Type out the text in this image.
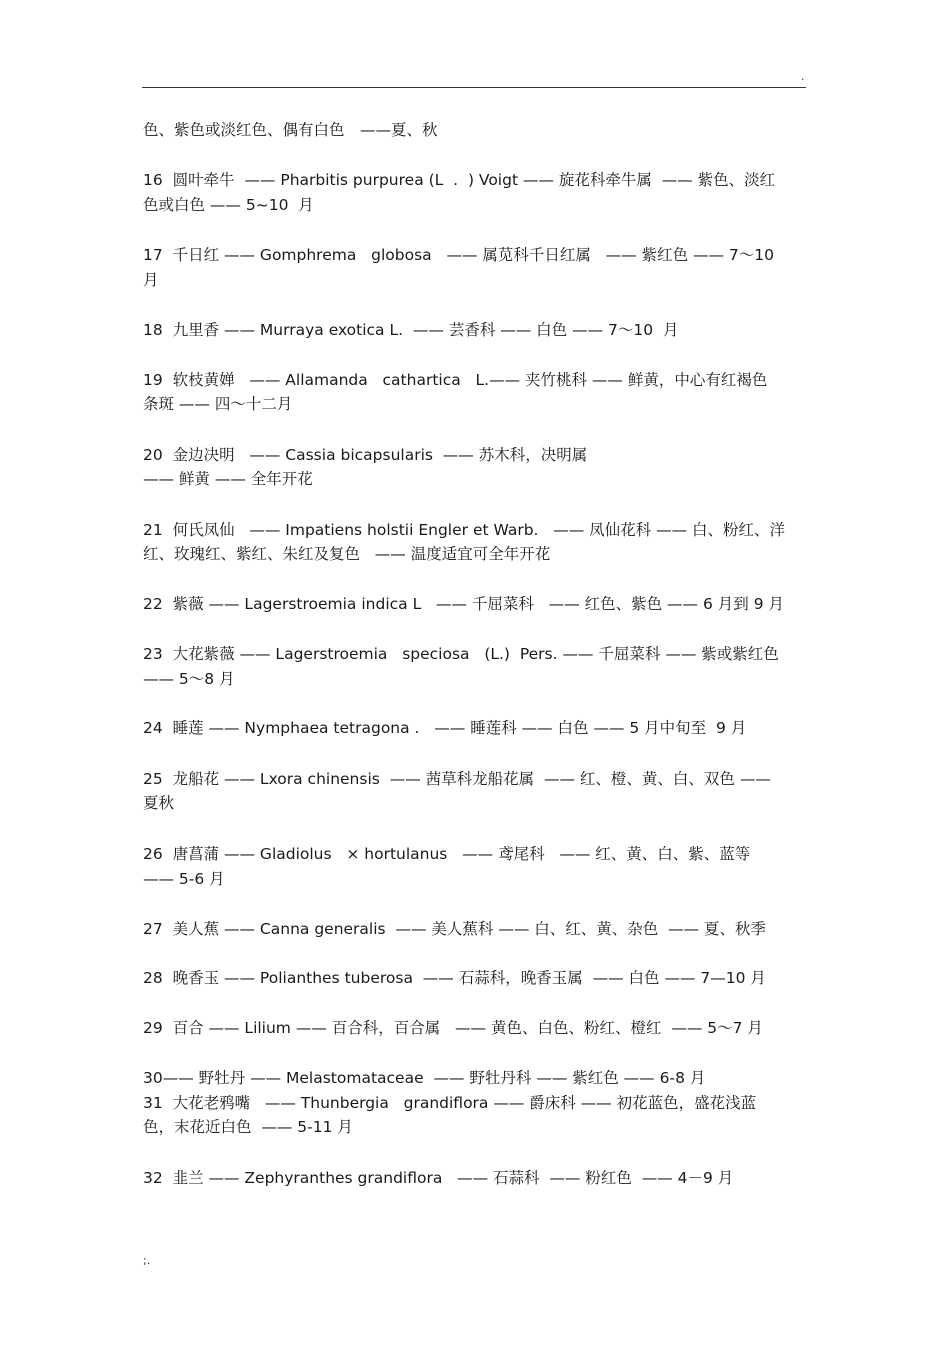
.
色、紫色或淡红色、偶有白色　——夏、秋
16  圆叶牵牛  —— Pharbitis purpurea (L  .  ) Voigt —— 旋花科牵牛属  —— 紫色、淡红
色或白色 —— 5~10  月
17  千日红 —— Gomphrema   globosa   —— 属苋科千日红属   —— 紫红色 —— 7～10
月
18  九里香 —— Murraya exotica L.  —— 芸香科 —— 白色 —— 7～10  月
19  软枝黄婵   —— Allamanda   cathartica   L.—— 夹竹桃科 —— 鲜黄，中心有红褐色
条斑 —— 四～十二月
20  金边决明   —— Cassia bicapsularis  —— 苏木科，决明属
—— 鲜黄 —— 全年开花
21  何氏凤仙   —— Impatiens holstii Engler et Warb.   —— 凤仙花科 —— 白、粉红、洋
红、玫瑰红、紫红、朱红及复色   —— 温度适宜可全年开花
22  紫薇 —— Lagerstroemia indica L   —— 千屈菜科   —— 红色、紫色 —— 6 月到 9 月
23  大花紫薇 —— Lagerstroemia   speciosa   (L.)  Pers. —— 千屈菜科 —— 紫或紫红色
—— 5～8 月
24  睡莲 —— Nymphaea tetragona .   —— 睡莲科 —— 白色 —— 5 月中旬至  9 月
25  龙船花 —— Lxora chinensis  —— 茜草科龙船花属  —— 红、橙、黄、白、双色 ——
夏秋
26  唐菖蒲 —— Gladiolus   × hortulanus   —— 鸢尾科   —— 红、黄、白、紫、蓝等
—— 5-6 月
27  美人蕉 —— Canna generalis  —— 美人蕉科 —— 白、红、黄、杂色  —— 夏、秋季
28  晚香玉 —— Polianthes tuberosa  —— 石蒜科，晚香玉属  —— 白色 —— 7—10 月
29  百合 —— Lilium —— 百合科，百合属   —— 黄色、白色、粉红、橙红  —— 5～7 月
30—— 野牡丹 —— Melastomataceae  —— 野牡丹科 —— 紫红色 —— 6-8 月
31  大花老鸦嘴   —— Thunbergia   grandiflora —— 爵床科 —— 初花蓝色，盛花浅蓝
色，末花近白色  —— 5-11 月
32  韭兰 —— Zephyranthes grandiflora   —— 石蒜科  —— 粉红色  —— 4－9 月
;.
